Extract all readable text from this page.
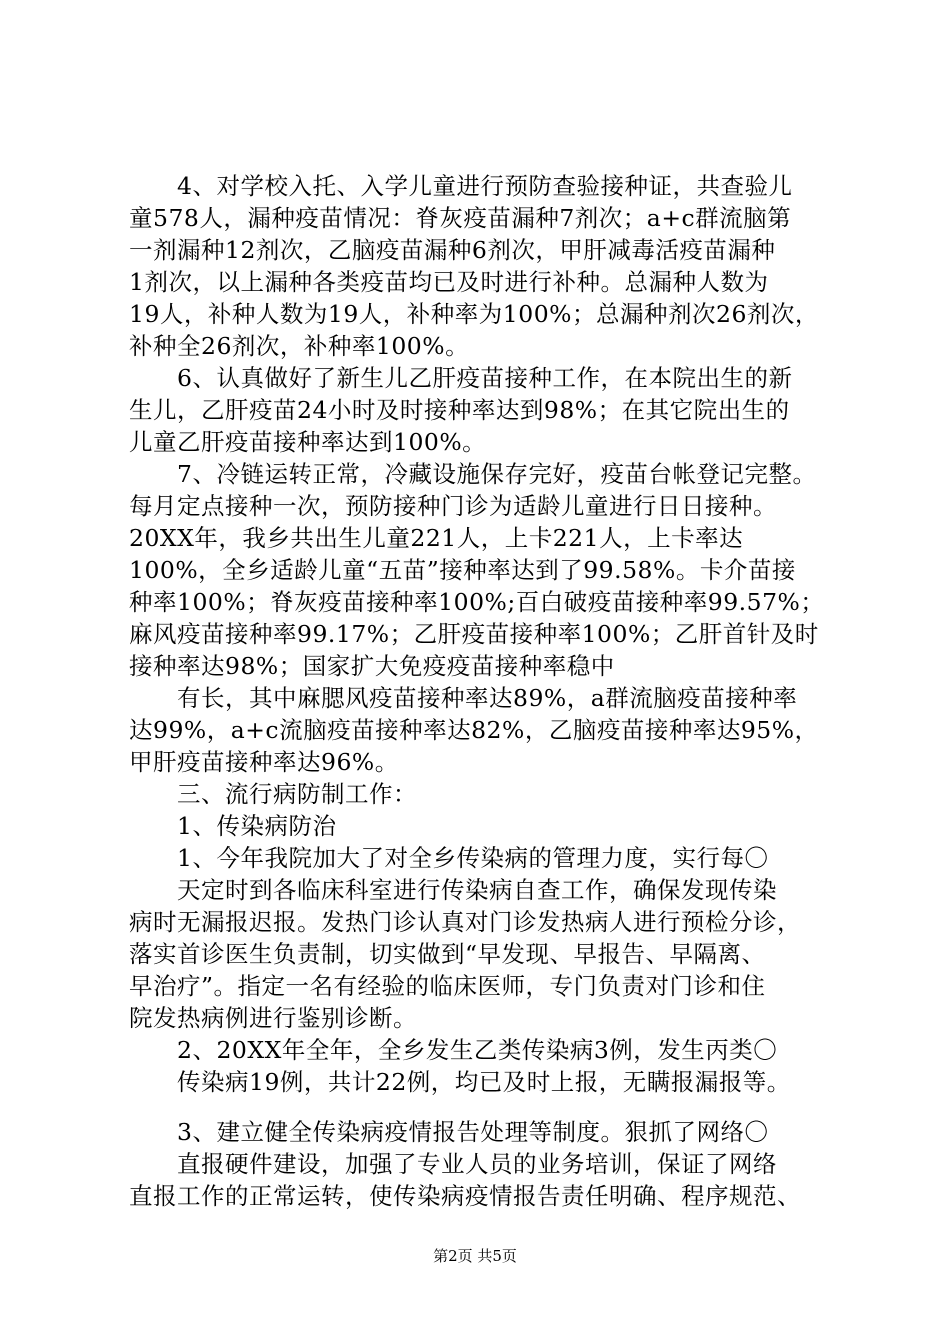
4、对学校入托、入学儿童进行预防查验接种证，共查验儿
童578人，漏种疫苗情况：脊灰疫苗漏种7剂次；a+c群流脑第
一剂漏种12剂次，乙脑疫苗漏种6剂次，甲肝减毒活疫苗漏种
1剂次，以上漏种各类疫苗均已及时进行补种。总漏种人数为
19人，补种人数为19人，补种率为100%；总漏种剂次26剂次，
补种全26剂次，补种率100%。
6、认真做好了新生儿乙肝疫苗接种工作，在本院出生的新
生儿，乙肝疫苗24小时及时接种率达到98%；在其它院出生的
儿童乙肝疫苗接种率达到100%。
7、冷链运转正常，冷藏设施保存完好，疫苗台帐登记完整。
每月定点接种一次，预防接种门诊为适龄儿童进行日日接种。
20XX年，我乡共出生儿童221人，上卡221人，上卡率达
100%，全乡适龄儿童“五苗”接种率达到了99.58%。卡介苗接
种率100%；脊灰疫苗接种率100%;百白破疫苗接种率99.57%；
麻风疫苗接种率99.17%；乙肝疫苗接种率100%；乙肝首针及时
接种率达98%；国家扩大免疫疫苗接种率稳中
有长，其中麻腮风疫苗接种率达89%，a群流脑疫苗接种率
达99%，a+c流脑疫苗接种率达82%，乙脑疫苗接种率达95%，
甲肝疫苗接种率达96%。
三、流行病防制工作：
1、传染病防治
1、今年我院加大了对全乡传染病的管理力度，实行每〇
天定时到各临床科室进行传染病自查工作，确保发现传染
病时无漏报迟报。发热门诊认真对门诊发热病人进行预检分诊，
落实首诊医生负责制，切实做到“早发现、早报告、早隔离、
早治疗”。指定一名有经验的临床医师，专门负责对门诊和住
院发热病例进行鉴别诊断。
2、20XX年全年，全乡发生乙类传染病3例，发生丙类〇
传染病19例，共计22例，均已及时上报，无瞒报漏报等。
3、建立健全传染病疫情报告处理等制度。狠抓了网络〇
直报硬件建设，加强了专业人员的业务培训，保证了网络
直报工作的正常运转，使传染病疫情报告责任明确、程序规范、
第2页 共5页
